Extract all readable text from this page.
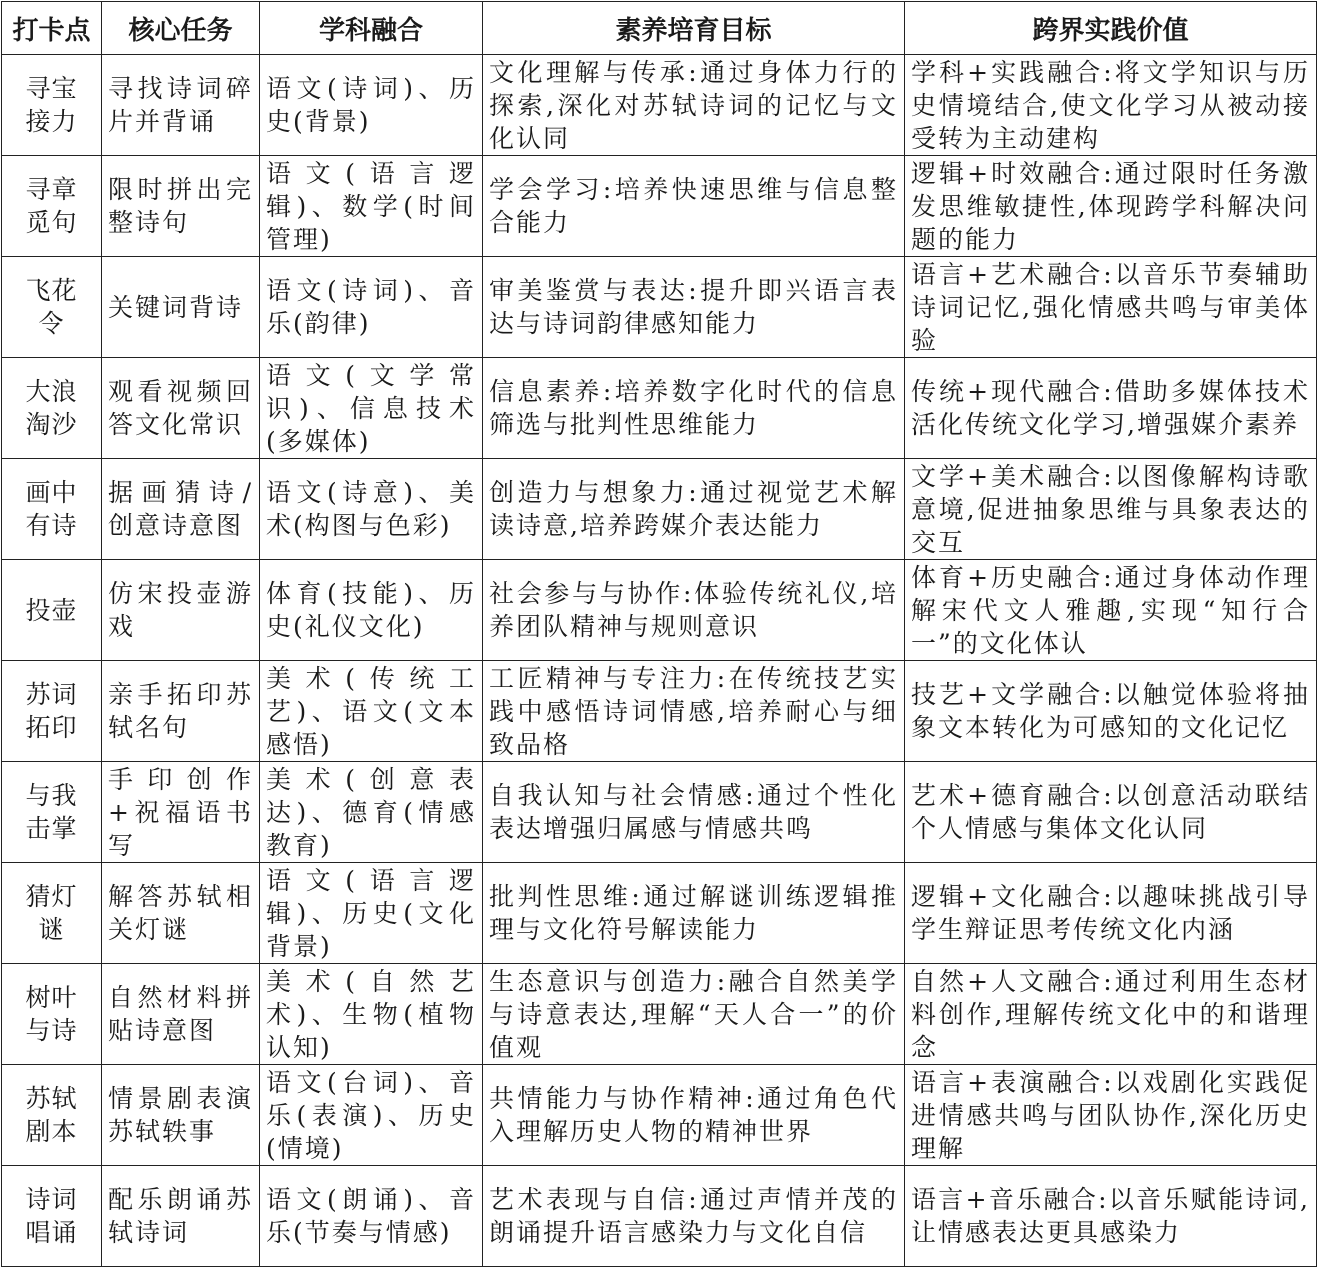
打卡点	核心任务	学科融合	素养培育目标	跨界实践价值
寻宝接力	寻找诗词碎片并背诵	语文(诗词)、历史(背景)	文化理解与传承:通过身体力行的探索,深化对苏轼诗词的记忆与文化认同	学科+实践融合:将文学知识与历史情境结合,使文化学习从被动接受转为主动建构
寻章觅句	限时拼出完整诗句	语文(语言逻辑)、数学(时间管理)	学会学习:培养快速思维与信息整合能力	逻辑+时效融合:通过限时任务激发思维敏捷性,体现跨学科解决问题的能力
飞花令	关键词背诗	语文(诗词)、音乐(韵律)	审美鉴赏与表达:提升即兴语言表达与诗词韵律感知能力	语言+艺术融合:以音乐节奏辅助诗词记忆,强化情感共鸣与审美体验
大浪淘沙	观看视频回答文化常识	语文(文学常识)、信息技术(多媒体)	信息素养:培养数字化时代的信息筛选与批判性思维能力	传统+现代融合:借助多媒体技术活化传统文化学习,增强媒介素养
画中有诗	据画猜诗/创意诗意图	语文(诗意)、美术(构图与色彩)	创造力与想象力:通过视觉艺术解读诗意,培养跨媒介表达能力	文学+美术融合:以图像解构诗歌意境,促进抽象思维与具象表达的交互
投壶	仿宋投壶游戏	体育(技能)、历史(礼仪文化)	社会参与与协作:体验传统礼仪,培养团队精神与规则意识	体育+历史融合:通过身体动作理解宋代文人雅趣,实现“知行合一”的文化体认
苏词拓印	亲手拓印苏轼名句	美术(传统工艺)、语文(文本感悟)	工匠精神与专注力:在传统技艺实践中感悟诗词情感,培养耐心与细致品格	技艺+文学融合:以触觉体验将抽象文本转化为可感知的文化记忆
与我击掌	手印创作+祝福语书写	美术(创意表达)、德育(情感教育)	自我认知与社会情感:通过个性化表达增强归属感与情感共鸣	艺术+德育融合:以创意活动联结个人情感与集体文化认同
猜灯谜	解答苏轼相关灯谜	语文(语言逻辑)、历史(文化背景)	批判性思维:通过解谜训练逻辑推理与文化符号解读能力	逻辑+文化融合:以趣味挑战引导学生辩证思考传统文化内涵
树叶与诗	自然材料拼贴诗意图	美术(自然艺术)、生物(植物认知)	生态意识与创造力:融合自然美学与诗意表达,理解“天人合一”的价值观	自然+人文融合:通过利用生态材料创作,理解传统文化中的和谐理念
苏轼剧本	情景剧表演苏轼轶事	语文(台词)、音乐(表演)、历史(情境)	共情能力与协作精神:通过角色代入理解历史人物的精神世界	语言+表演融合:以戏剧化实践促进情感共鸣与团队协作,深化历史理解
诗词唱诵	配乐朗诵苏轼诗词	语文(朗诵)、音乐(节奏与情感)	艺术表现与自信:通过声情并茂的朗诵提升语言感染力与文化自信	语言+音乐融合:以音乐赋能诗词,让情感表达更具感染力
